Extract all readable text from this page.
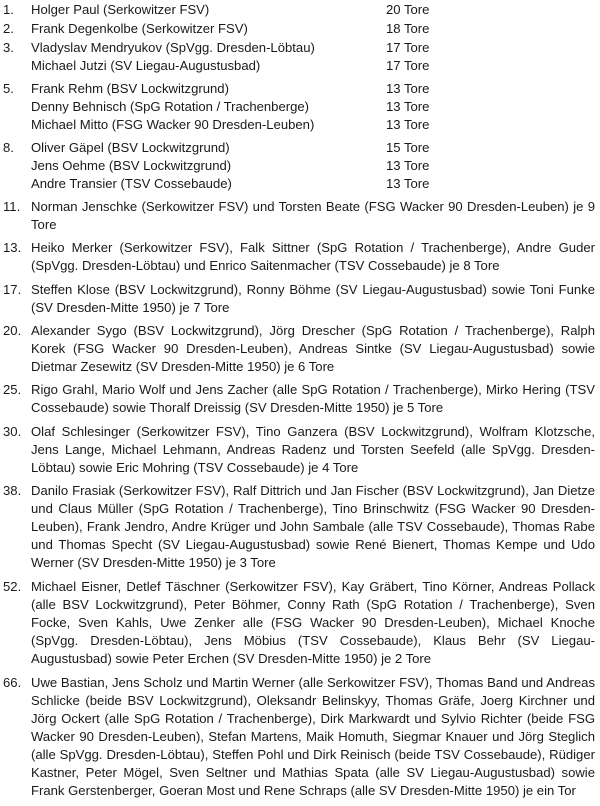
1.	Holger Paul (Serkowitzer FSV)	20 Tore
2.	Frank Degenkolbe (Serkowitzer FSV)	18 Tore
3.	Vladyslav Mendryukov (SpVgg. Dresden-Löbtau)	17 Tore
Michael Jutzi (SV Liegau-Augustusbad)	17 Tore
5.	Frank Rehm (BSV Lockwitzgrund)	13 Tore
Denny Behnisch (SpG Rotation / Trachenberge)	13 Tore
Michael Mitto (FSG Wacker 90 Dresden-Leuben)	13 Tore
8.	Oliver Gäpel (BSV Lockwitzgrund)	15 Tore
Jens Oehme (BSV Lockwitzgrund)	13 Tore
Andre Transier (TSV Cossebaude)	13 Tore
11. Norman Jenschke (Serkowitzer FSV) und Torsten Beate (FSG Wacker 90 Dresden-Leuben) je 9 Tore
13. Heiko Merker (Serkowitzer FSV), Falk Sittner (SpG Rotation / Trachenberge), Andre Guder (SpVgg. Dresden-Löbtau) und Enrico Saitenmacher (TSV Cossebaude) je 8 Tore
17. Steffen Klose (BSV Lockwitzgrund), Ronny Böhme (SV Liegau-Augustusbad) sowie Toni Funke (SV Dresden-Mitte 1950) je 7 Tore
20. Alexander Sygo (BSV Lockwitzgrund), Jörg Drescher (SpG Rotation / Trachenberge), Ralph Korek (FSG Wacker 90 Dresden-Leuben), Andreas Sintke (SV Liegau-Augustusbad) sowie Dietmar Zesewitz (SV Dresden-Mitte 1950) je 6 Tore
25. Rigo Grahl, Mario Wolf und Jens Zacher (alle SpG Rotation / Trachenberge), Mirko Hering (TSV Cossebaude) sowie Thoralf Dreissig (SV Dresden-Mitte 1950) je 5 Tore
30. Olaf Schlesinger (Serkowitzer FSV), Tino Ganzera (BSV Lockwitzgrund), Wolfram Klotzsche, Jens Lange, Michael Lehmann, Andreas Radenz und Torsten Seefeld (alle SpVgg. Dresden-Löbtau) sowie Eric Mohring (TSV Cossebaude) je 4 Tore
38. Danilo Frasiak (Serkowitzer FSV), Ralf Dittrich und Jan Fischer (BSV Lockwitzgrund), Jan Dietze und Claus Müller (SpG Rotation / Trachenberge), Tino Brinschwitz (FSG Wacker 90 Dresden-Leuben), Frank Jendro, Andre Krüger und John Sambale (alle TSV Cossebaude), Thomas Rabe und Thomas Specht (SV Liegau-Augustusbad) sowie René Bienert, Thomas Kempe und Udo Werner (SV Dresden-Mitte 1950) je 3 Tore
52. Michael Eisner, Detlef Täschner (Serkowitzer FSV), Kay Gräbert, Tino Körner, Andreas Pollack (alle BSV Lockwitzgrund), Peter Böhmer, Conny Rath (SpG Rotation / Trachenberge), Sven Focke, Sven Kahls, Uwe Zenker alle (FSG Wacker 90 Dresden-Leuben), Michael Knoche (SpVgg. Dresden-Löbtau), Jens Möbius (TSV Cossebaude), Klaus Behr (SV Liegau-Augustusbad) sowie Peter Erchen (SV Dresden-Mitte 1950) je 2 Tore
66. Uwe Bastian, Jens Scholz und Martin Werner (alle Serkowitzer FSV), Thomas Band und Andreas Schlicke (beide BSV Lockwitzgrund), Oleksandr Belinskyy, Thomas Gräfe, Joerg Kirchner und Jörg Ockert (alle SpG Rotation / Trachenberge), Dirk Markwardt und Sylvio Richter (beide FSG Wacker 90 Dresden-Leuben), Stefan Martens, Maik Homuth, Siegmar Knauer und Jörg Steglich (alle SpVgg. Dresden-Löbtau), Steffen Pohl und Dirk Reinisch (beide TSV Cossebaude), Rüdiger Kastner, Peter Mögel, Sven Seltner und Mathias Spata (alle SV Liegau-Augustusbad) sowie Frank Gerstenberger, Goeran Most und Rene Schraps (alle SV Dresden-Mitte 1950) je ein Tor
